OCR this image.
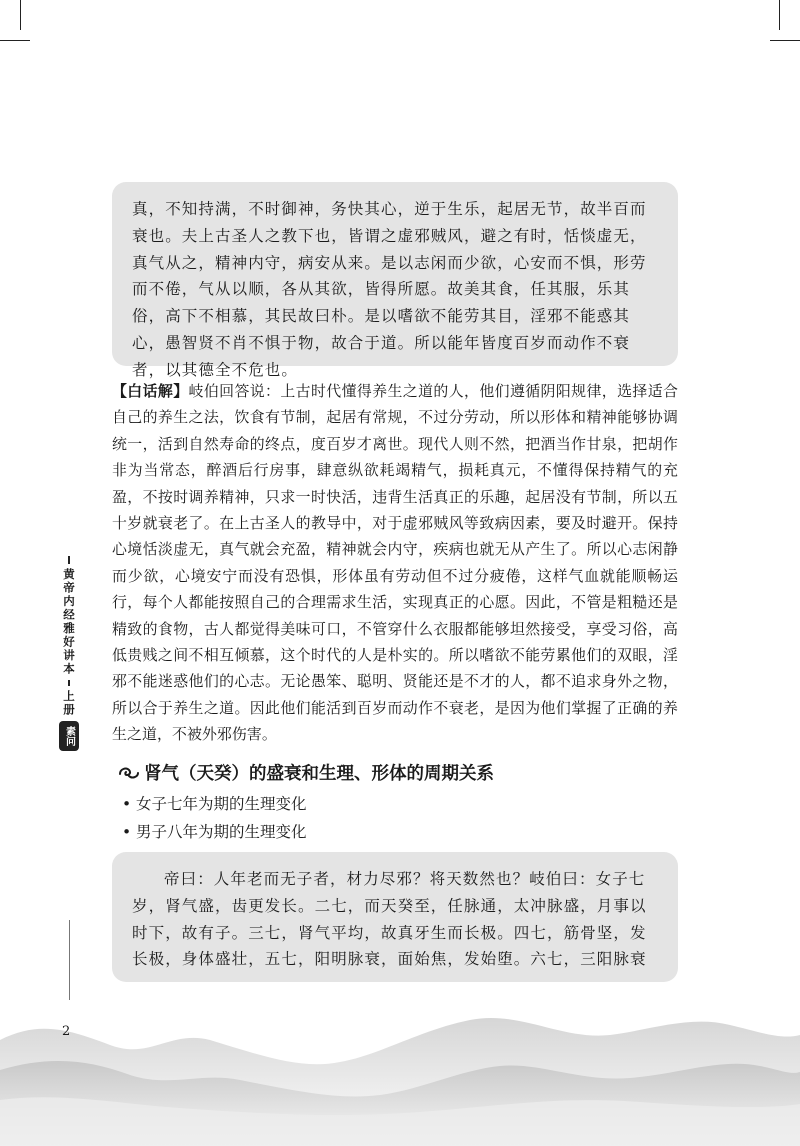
真，不知持满，不时御神，务快其心，逆于生乐，起居无节，故半百而衰也。夫上古圣人之教下也，皆谓之虚邪贼风，避之有时，恬惔虚无，真气从之，精神内守，病安从来。是以志闲而少欲，心安而不惧，形劳而不倦，气从以顺，各从其欲，皆得所愿。故美其食，任其服，乐其俗，高下不相慕，其民故曰朴。是以嗜欲不能劳其目，淫邪不能惑其心，愚智贤不肖不惧于物，故合于道。所以能年皆度百岁而动作不衰者，以其德全不危也。

【白话解】岐伯回答说：上古时代懂得养生之道的人，他们遵循阴阳规律，选择适合自己的养生之法，饮食有节制，起居有常规，不过分劳动，所以形体和精神能够协调统一，活到自然寿命的终点，度百岁才离世。现代人则不然，把酒当作甘泉，把胡作非为当常态，醉酒后行房事，肆意纵欲耗竭精气，损耗真元，不懂得保持精气的充盈，不按时调养精神，只求一时快活，违背生活真正的乐趣，起居没有节制，所以五十岁就衰老了。在上古圣人的教导中，对于虚邪贼风等致病因素，要及时避开。保持心境恬淡虚无，真气就会充盈，精神就会内守，疾病也就无从产生了。所以心志闲静而少欲，心境安宁而没有恐惧，形体虽有劳动但不过分疲倦，这样气血就能顺畅运行，每个人都能按照自己的合理需求生活，实现真正的心愿。因此，不管是粗糙还是精致的食物，古人都觉得美味可口，不管穿什么衣服都能够坦然接受，享受习俗，高低贵贱之间不相互倾慕，这个时代的人是朴实的。所以嗜欲不能劳累他们的双眼，淫邪不能迷惑他们的心志。无论愚笨、聪明、贤能还是不才的人，都不追求身外之物，所以合于养生之道。因此他们能活到百岁而动作不衰老，是因为他们掌握了正确的养生之道，不被外邪伤害。

肾气（天癸）的盛衰和生理、形体的周期关系
• 女子七年为期的生理变化
• 男子八年为期的生理变化

帝曰：人年老而无子者，材力尽邪？将天数然也？岐伯曰：女子七岁，肾气盛，齿更发长。二七，而天癸至，任脉通，太冲脉盛，月事以时下，故有子。三七，肾气平均，故真牙生而长极。四七，筋骨坚，发长极，身体盛壮，五七，阳明脉衰，面始焦，发始堕。六七，三阳脉衰

黄帝内经雅好讲本
上册
素问
2
